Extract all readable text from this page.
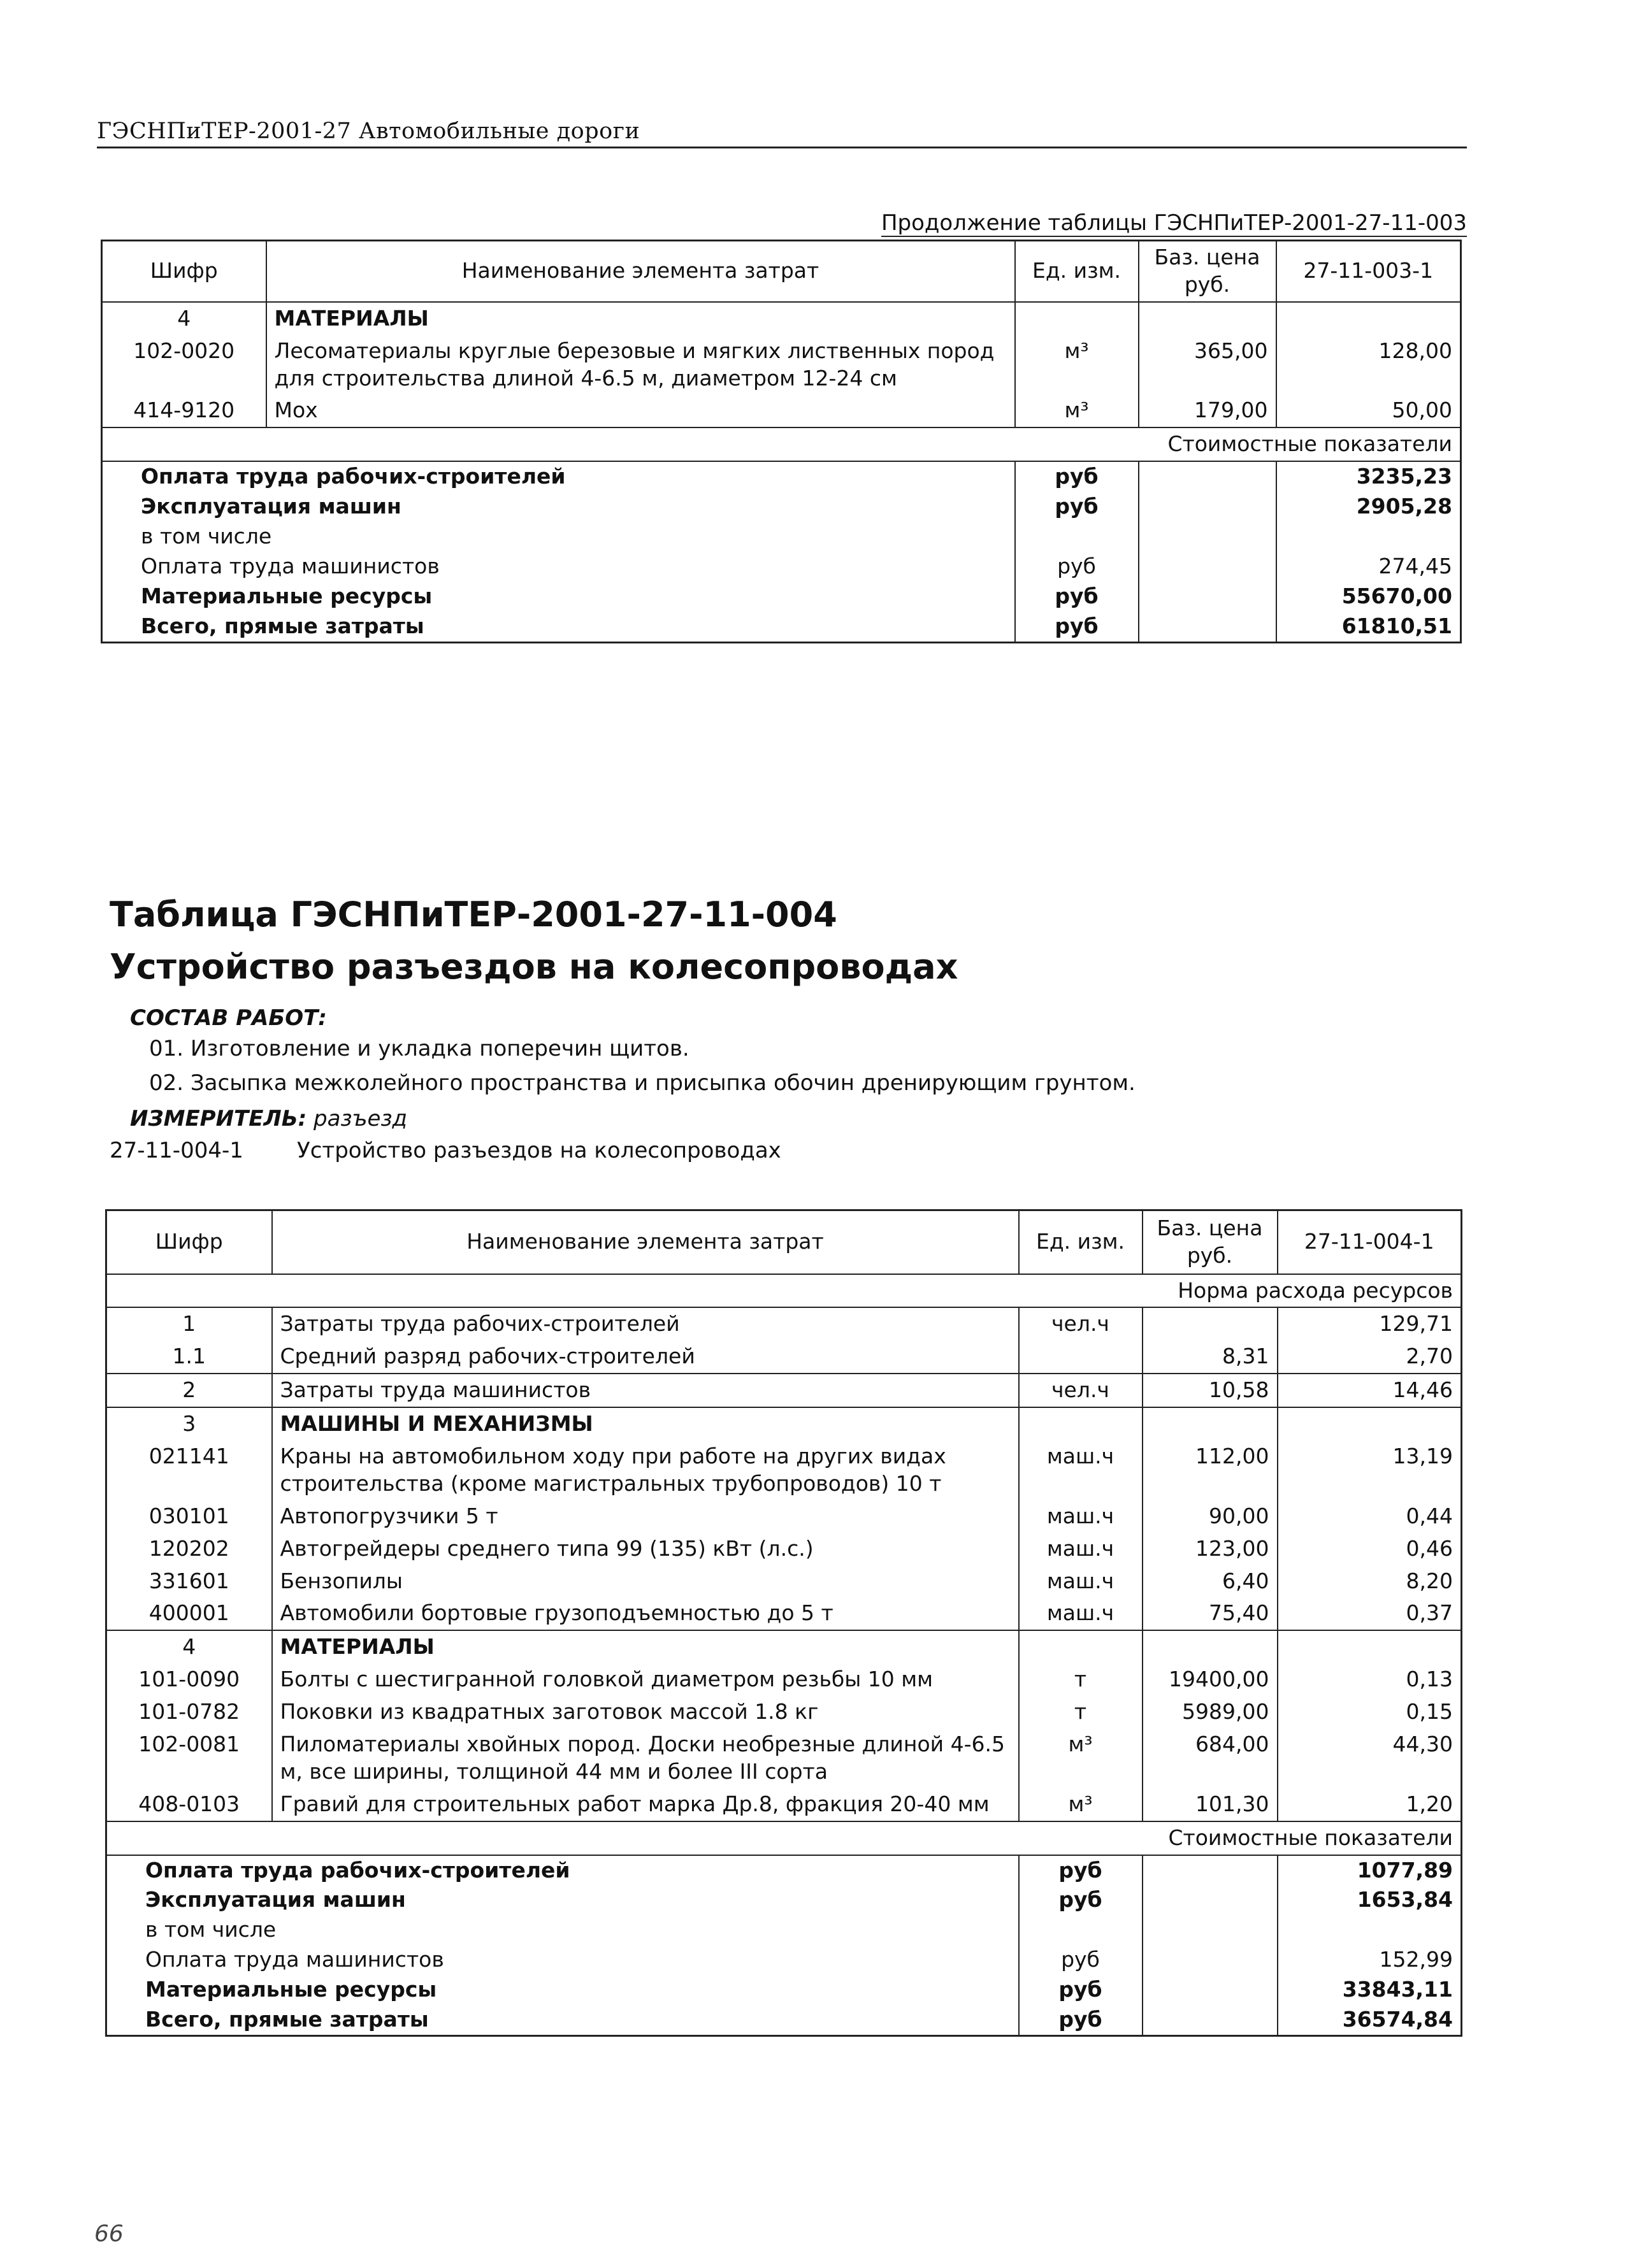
ГЭСНПиТЕР-2001-27 Автомобильные дороги
Продолжение таблицы ГЭСНПиТЕР-2001-27-11-003
Шифр	Наименование элемента затрат	Ед. изм.	Баз. цена руб.	27-11-003-1
4	МАТЕРИАЛЫ			
102-0020	Лесоматериалы круглые березовые и мягких лиственных пород для строительства длиной 4-6.5 м, диаметром 12-24 см	м³	365,00	128,00
414-9120	Мох	м³	179,00	50,00
Стоимостные показатели				
Оплата труда рабочих-строителей		руб		3235,23
Эксплуатация машин		руб		2905,28
в том числе				
Оплата труда машинистов		руб		274,45
Материальные ресурсы		руб		55670,00
Всего, прямые затраты		руб		61810,51
Таблица ГЭСНПиТЕР-2001-27-11-004
Устройство разъездов на колесопроводах
СОСТАВ РАБОТ:
01. Изготовление и укладка поперечин щитов.
02. Засыпка межколейного пространства и присыпка обочин дренирующим грунтом.
ИЗМЕРИТЕЛЬ: разъезд
27-11-004-1 Устройство разъездов на колесопроводах
Шифр	Наименование элемента затрат	Ед. изм.	Баз. цена руб.	27-11-004-1
Норма расхода ресурсов				
1	Затраты труда рабочих-строителей	чел.ч		129,71
1.1	Средний разряд рабочих-строителей		8,31	2,70
2	Затраты труда машинистов	чел.ч	10,58	14,46
3	МАШИНЫ И МЕХАНИЗМЫ			
021141	Краны на автомобильном ходу при работе на других видах строительства (кроме магистральных трубопроводов) 10 т	маш.ч	112,00	13,19
030101	Автопогрузчики 5 т	маш.ч	90,00	0,44
120202	Автогрейдеры среднего типа 99 (135) кВт (л.с.)	маш.ч	123,00	0,46
331601	Бензопилы	маш.ч	6,40	8,20
400001	Автомобили бортовые грузоподъемностью до 5 т	маш.ч	75,40	0,37
4	МАТЕРИАЛЫ			
101-0090	Болты с шестигранной головкой диаметром резьбы 10 мм	т	19400,00	0,13
101-0782	Поковки из квадратных заготовок массой 1.8 кг	т	5989,00	0,15
102-0081	Пиломатериалы хвойных пород. Доски необрезные длиной 4-6.5 м, все ширины, толщиной 44 мм и более III сорта	м³	684,00	44,30
408-0103	Гравий для строительных работ марка Др.8, фракция 20-40 мм	м³	101,30	1,20
Стоимостные показатели				
Оплата труда рабочих-строителей		руб		1077,89
Эксплуатация машин		руб		1653,84
в том числе				
Оплата труда машинистов		руб		152,99
Материальные ресурсы		руб		33843,11
Всего, прямые затраты		руб		36574,84
66
